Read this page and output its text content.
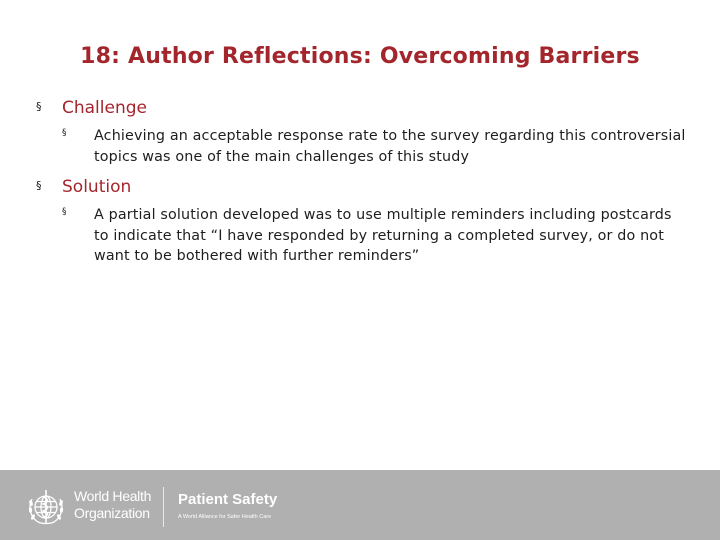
18: Author Reflections: Overcoming Barriers
§ Challenge
§ Achieving an acceptable response rate to the survey regarding this controversial topics was one of the main challenges of this study
§ Solution
§ A partial solution developed was to use multiple reminders including postcards to indicate that “I have responded by returning a completed survey, or do not want to be bothered with further reminders”
World Health
Organization
Patient Safety
A World Alliance for Safer Health Care
